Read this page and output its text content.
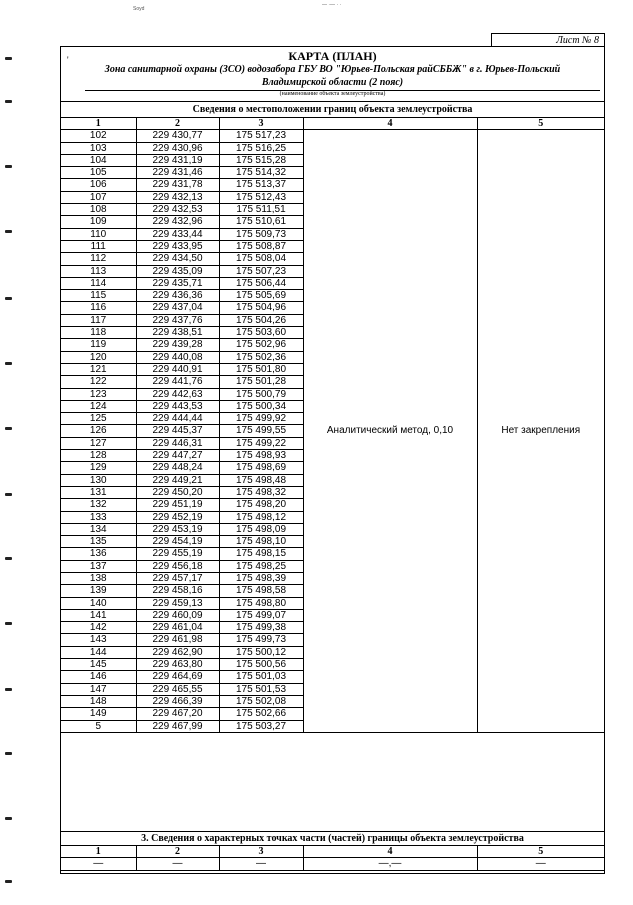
Sоyd
— ·— · ·
Лист № 8
'	КАРТА (ПЛАН)
Зона санитарной охраны (ЗСО) водозабора ГБУ ВО "Юрьев-Польская райСББЖ" в г. Юрьев-Польский
Владимирской области (2 пояс)
(наименование объекта землеустройства)
Сведения о местоположении границ объекта землеустройства
1	2	3	4	5
102	229 430,77	175 517,23	Аналитический метод, 0,10	Нет закрепления
103	229 430,96	175 516,25		
104	229 431,19	175 515,28		
105	229 431,46	175 514,32		
106	229 431,78	175 513,37		
107	229 432,13	175 512,43		
108	229 432,53	175 511,51		
109	229 432,96	175 510,61		
110	229 433,44	175 509,73		
111	229 433,95	175 508,87		
112	229 434,50	175 508,04		
113	229 435,09	175 507,23		
114	229 435,71	175 506,44		
115	229 436,36	175 505,69		
116	229 437,04	175 504,96		
117	229 437,76	175 504,26		
118	229 438,51	175 503,60		
119	229 439,28	175 502,96		
120	229 440,08	175 502,36		
121	229 440,91	175 501,80		
122	229 441,76	175 501,28		
123	229 442,63	175 500,79		
124	229 443,53	175 500,34		
125	229 444,44	175 499,92		
126	229 445,37	175 499,55		
127	229 446,31	175 499,22		
128	229 447,27	175 498,93		
129	229 448,24	175 498,69		
130	229 449,21	175 498,48		
131	229 450,20	175 498,32		
132	229 451,19	175 498,20		
133	229 452,19	175 498,12		
134	229 453,19	175 498,09		
135	229 454,19	175 498,10		
136	229 455,19	175 498,15		
137	229 456,18	175 498,25		
138	229 457,17	175 498,39		
139	229 458,16	175 498,58		
140	229 459,13	175 498,80		
141	229 460,09	175 499,07		
142	229 461,04	175 499,38		
143	229 461,98	175 499,73		
144	229 462,90	175 500,12		
145	229 463,80	175 500,56		
146	229 464,69	175 501,03		
147	229 465,55	175 501,53		
148	229 466,39	175 502,08		
149	229 467,20	175 502,66		
5	229 467,99	175 503,27		
3. Сведения о характерных точках части (частей) границы объекта землеустройства
1	2	3	4	5
—	—	—	—,—	—
